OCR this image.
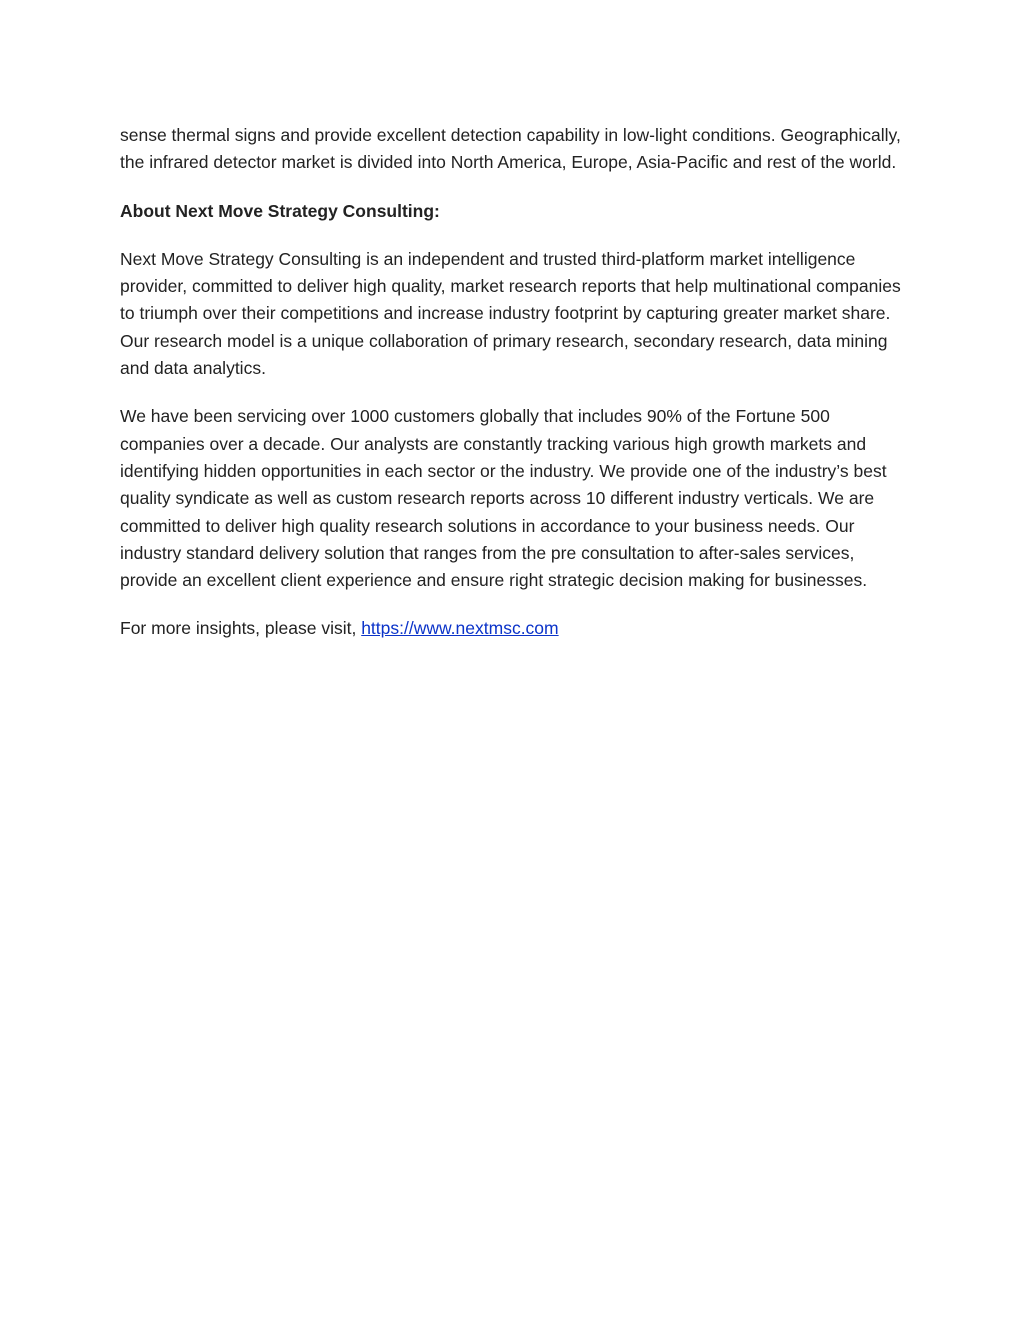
sense thermal signs and provide excellent detection capability in low-light conditions. Geographically, the infrared detector market is divided into North America, Europe, Asia-Pacific and rest of the world.

About Next Move Strategy Consulting:

Next Move Strategy Consulting is an independent and trusted third-platform market intelligence provider, committed to deliver high quality, market research reports that help multinational companies to triumph over their competitions and increase industry footprint by capturing greater market share. Our research model is a unique collaboration of primary research, secondary research, data mining and data analytics.

We have been servicing over 1000 customers globally that includes 90% of the Fortune 500 companies over a decade. Our analysts are constantly tracking various high growth markets and identifying hidden opportunities in each sector or the industry. We provide one of the industry’s best quality syndicate as well as custom research reports across 10 different industry verticals. We are committed to deliver high quality research solutions in accordance to your business needs. Our industry standard delivery solution that ranges from the pre consultation to after-sales services, provide an excellent client experience and ensure right strategic decision making for businesses.

For more insights, please visit, https://www.nextmsc.com
